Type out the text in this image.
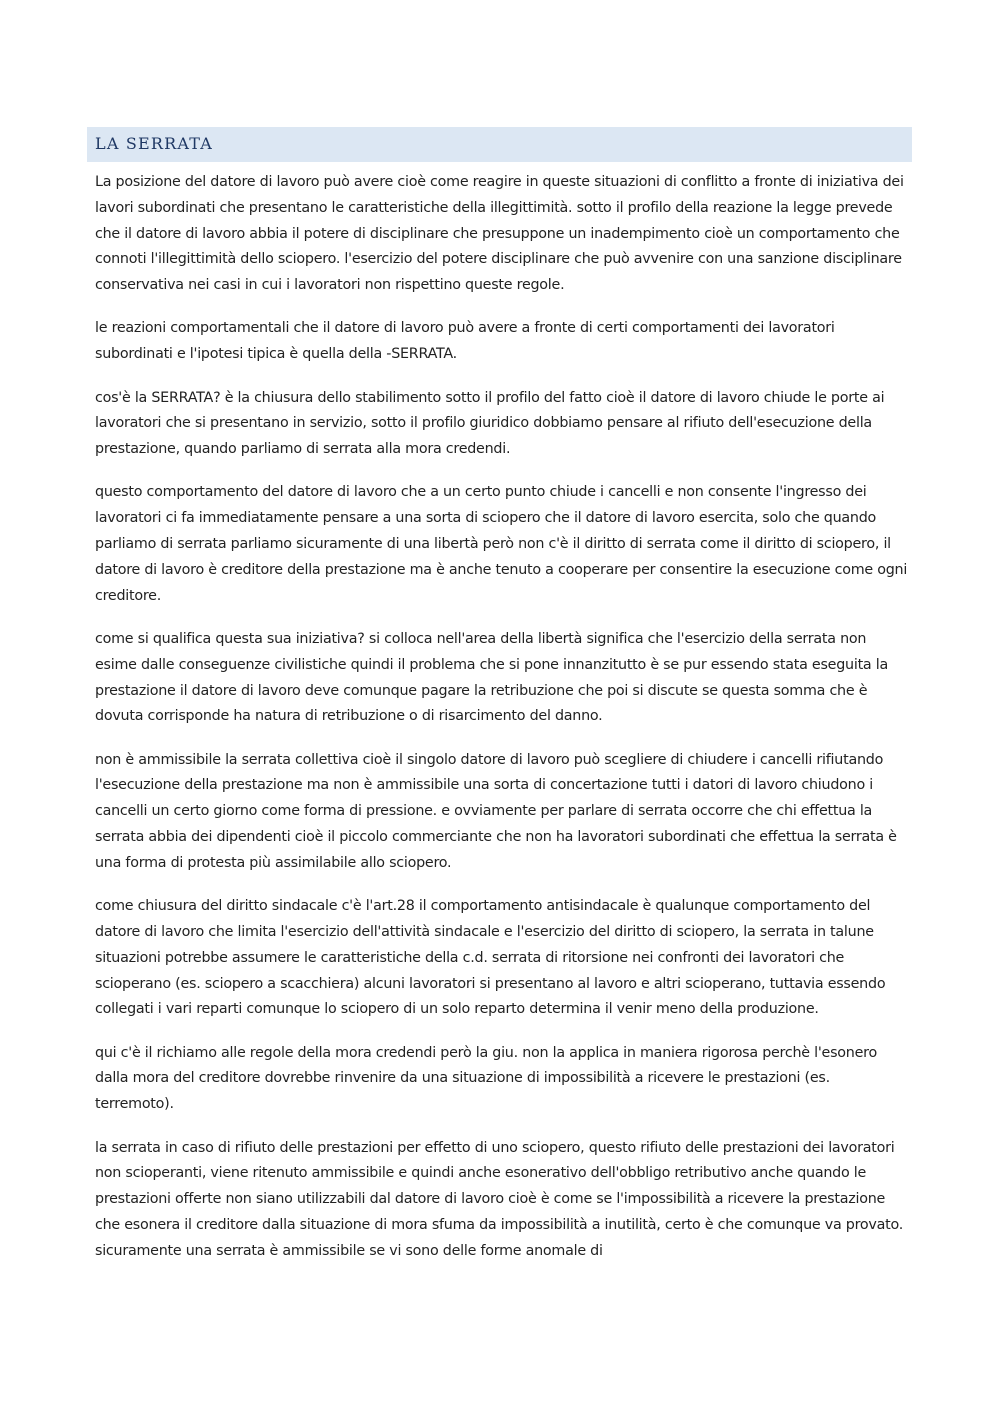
LA SERRATA

La posizione del datore di lavoro può avere cioè come reagire in queste situazioni di conflitto a fronte di iniziativa dei lavori subordinati che presentano le caratteristiche della illegittimità. sotto il profilo della reazione la legge prevede che il datore di lavoro abbia il potere di disciplinare che presuppone un inadempimento cioè un comportamento che connoti l'illegittimità dello sciopero. l'esercizio del potere disciplinare che può avvenire con una sanzione disciplinare conservativa nei casi in cui i lavoratori non rispettino queste regole.

le reazioni comportamentali che il datore di lavoro può avere a fronte di certi comportamenti dei lavoratori subordinati e l'ipotesi tipica è quella della -SERRATA.

cos'è la SERRATA? è la chiusura dello stabilimento sotto il profilo del fatto cioè il datore di lavoro chiude le porte ai lavoratori che si presentano in servizio, sotto il profilo giuridico dobbiamo pensare al rifiuto dell'esecuzione della prestazione, quando parliamo di serrata alla mora credendi.

questo comportamento del datore di lavoro che a un certo punto chiude i cancelli e non consente l'ingresso dei lavoratori ci fa immediatamente pensare a una sorta di sciopero che il datore di lavoro esercita, solo che quando parliamo di serrata parliamo sicuramente di una libertà però non c'è il diritto di serrata come il diritto di sciopero, il datore di lavoro è creditore della prestazione ma è anche tenuto a cooperare per consentire la esecuzione come ogni creditore.

come si qualifica questa sua iniziativa? si colloca nell'area della libertà significa che l'esercizio della serrata non esime dalle conseguenze civilistiche quindi il problema che si pone innanzitutto è se pur essendo stata eseguita la prestazione il datore di lavoro deve comunque pagare la retribuzione che poi si discute se questa somma che è dovuta corrisponde ha natura di retribuzione o di risarcimento del danno.

non è ammissibile la serrata collettiva cioè il singolo datore di lavoro può scegliere di chiudere i cancelli rifiutando l'esecuzione della prestazione ma non è ammissibile una sorta di concertazione tutti i datori di lavoro chiudono i cancelli un certo giorno come forma di pressione. e ovviamente per parlare di serrata occorre che chi effettua la serrata abbia dei dipendenti cioè il piccolo commerciante che non ha lavoratori subordinati che effettua la serrata è una forma di protesta più assimilabile allo sciopero.

come chiusura del diritto sindacale c'è l'art.28 il comportamento antisindacale è qualunque comportamento del datore di lavoro che limita l'esercizio dell'attività sindacale e l'esercizio del diritto di sciopero, la serrata in talune situazioni potrebbe assumere le caratteristiche della c.d. serrata di ritorsione nei confronti dei lavoratori che scioperano (es. sciopero a scacchiera) alcuni lavoratori si presentano al lavoro e altri scioperano, tuttavia essendo collegati i vari reparti comunque lo sciopero di un solo reparto determina il venir meno della produzione.

qui c'è il richiamo alle regole della mora credendi però la giu. non la applica in maniera rigorosa perchè l'esonero dalla mora del creditore dovrebbe rinvenire da una situazione di impossibilità a ricevere le prestazioni (es. terremoto).

la serrata in caso di rifiuto delle prestazioni per effetto di uno sciopero, questo rifiuto delle prestazioni dei lavoratori non scioperanti, viene ritenuto ammissibile e quindi anche esonerativo dell'obbligo retributivo anche quando le prestazioni offerte non siano utilizzabili dal datore di lavoro cioè è come se l'impossibilità a ricevere la prestazione che esonera il creditore dalla situazione di mora sfuma da impossibilità a inutilità, certo è che comunque va provato. sicuramente una serrata è ammissibile se vi sono delle forme anomale di
